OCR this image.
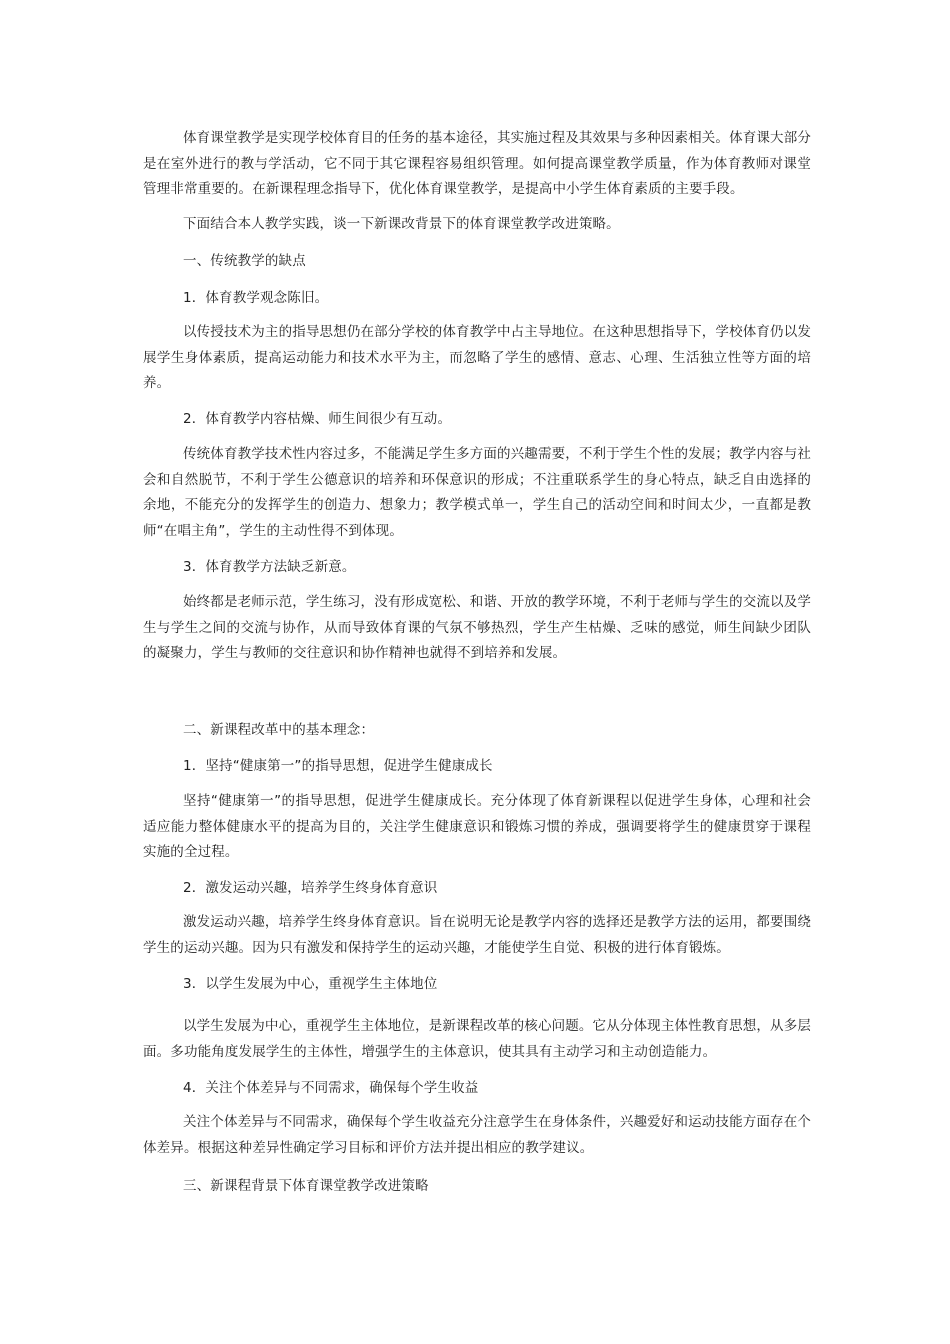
体育课堂教学是实现学校体育目的任务的基本途径，其实施过程及其效果与多种因素相关。体育课大部分是在室外进行的教与学活动，它不同于其它课程容易组织管理。如何提高课堂教学质量，作为体育教师对课堂管理非常重要的。在新课程理念指导下，优化体育课堂教学，是提高中小学生体育素质的主要手段。

下面结合本人教学实践，谈一下新课改背景下的体育课堂教学改进策略。

一、传统教学的缺点

1．体育教学观念陈旧。

以传授技术为主的指导思想仍在部分学校的体育教学中占主导地位。在这种思想指导下，学校体育仍以发展学生身体素质，提高运动能力和技术水平为主，而忽略了学生的感情、意志、心理、生活独立性等方面的培养。

2．体育教学内容枯燥、师生间很少有互动。

传统体育教学技术性内容过多，不能满足学生多方面的兴趣需要，不利于学生个性的发展；教学内容与社会和自然脱节，不利于学生公德意识的培养和环保意识的形成；不注重联系学生的身心特点，缺乏自由选择的余地，不能充分的发挥学生的创造力、想象力；教学模式单一，学生自己的活动空间和时间太少，一直都是教师“在唱主角”，学生的主动性得不到体现。

3．体育教学方法缺乏新意。

始终都是老师示范，学生练习，没有形成宽松、和谐、开放的教学环境，不利于老师与学生的交流以及学生与学生之间的交流与协作，从而导致体育课的气氛不够热烈，学生产生枯燥、乏味的感觉，师生间缺少团队的凝聚力，学生与教师的交往意识和协作精神也就得不到培养和发展。

二、新课程改革中的基本理念：

1．坚持“健康第一”的指导思想，促进学生健康成长

坚持“健康第一”的指导思想，促进学生健康成长。充分体现了体育新课程以促进学生身体，心理和社会适应能力整体健康水平的提高为目的，关注学生健康意识和锻炼习惯的养成，强调要将学生的健康贯穿于课程实施的全过程。

2．激发运动兴趣，培养学生终身体育意识

激发运动兴趣，培养学生终身体育意识。旨在说明无论是教学内容的选择还是教学方法的运用，都要围绕学生的运动兴趣。因为只有激发和保持学生的运动兴趣，才能使学生自觉、积极的进行体育锻炼。

3．以学生发展为中心，重视学生主体地位

以学生发展为中心，重视学生主体地位，是新课程改革的核心问题。它从分体现主体性教育思想，从多层面。多功能角度发展学生的主体性，增强学生的主体意识，使其具有主动学习和主动创造能力。

4．关注个体差异与不同需求，确保每个学生收益

关注个体差异与不同需求，确保每个学生收益充分注意学生在身体条件，兴趣爱好和运动技能方面存在个体差异。根据这种差异性确定学习目标和评价方法并提出相应的教学建议。

三、新课程背景下体育课堂教学改进策略
